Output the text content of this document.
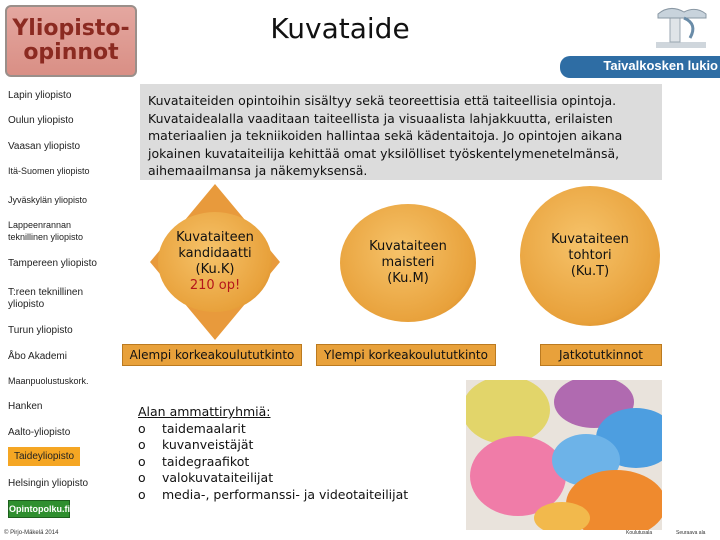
Yliopisto-
opinnot
Kuvataide
Taivalkosken lukio
Lapin yliopisto
Oulun yliopisto
Vaasan yliopisto
Itä-Suomen yliopisto
Jyväskylän yliopisto
Lappeenrannan
teknillinen yliopisto
Tampereen yliopisto
T:reen teknillinen
yliopisto
Turun yliopisto
Åbo Akademi
Maanpuolustuskork.
Hanken
Aalto-yliopisto
Taideyliopisto
Helsingin yliopisto
Opintopolku.fi
© Pirjo-Mäkelä 2014
Kuvataiteiden opintoihin sisältyy sekä teoreettisia että taiteellisia opintoja. Kuvataidealalla vaaditaan taiteellista ja visuaalista lahjakkuutta, erilaisten materiaalien ja tekniikoiden hallintaa sekä kädentaitoja. Jo opintojen aikana jokainen kuvataiteilija kehittää omat yksilölliset työskentelymenetelmänsä, aihemaailmansa ja näkemyksensä.
Kuvataiteen
kandidaatti
(Ku.K)
210 op!
Kuvataiteen
maisteri
(Ku.M)
Kuvataiteen
tohtori
(Ku.T)
Alempi korkeakoulututkinto	Ylempi korkeakoulututkinto	Jatkotutkinnot
Alan ammattiryhmiä:
o	taidemaalarit
o	kuvanveistäjät
o	taidegraafikot
o	valokuvataiteilijat
o	media-, performanssi- ja videotaiteilijat
Koulutusala	Seuraava ala
